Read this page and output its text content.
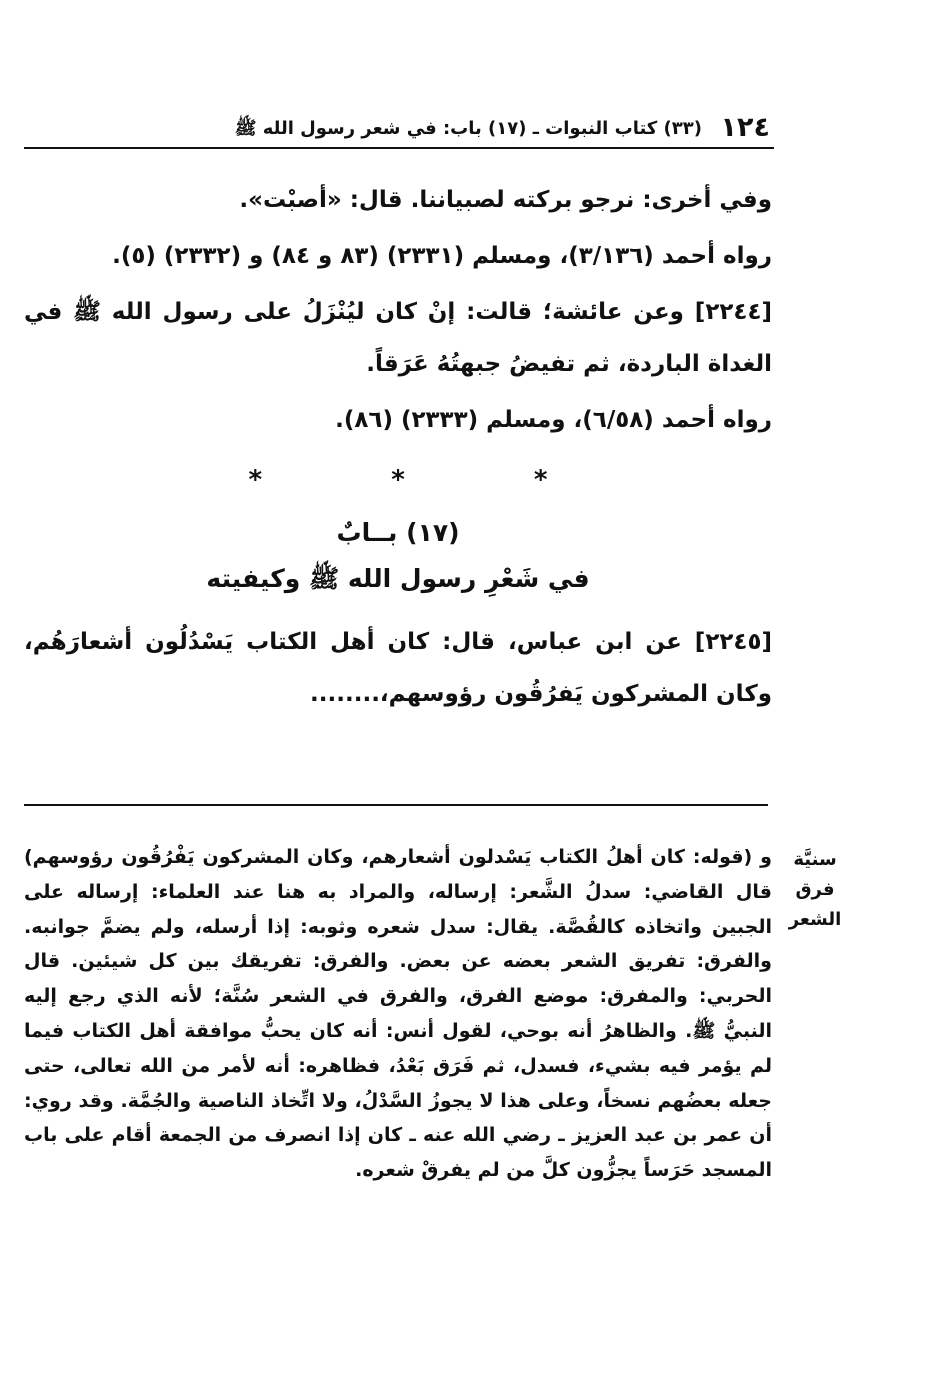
١٢٤
(٣٣) كتاب النبوات ـ (١٧) باب: في شعر رسول الله ﷺ

وفي أخرى: نرجو بركته لصبياننا. قال: «أصبْت».

رواه أحمد (٣/١٣٦)، ومسلم (٢٣٣١) (٨٣ و ٨٤) و (٢٣٣٢) (٥).

[٢٢٤٤] وعن عائشة؛ قالت: إنْ كان ليُنْزَلُ على رسول الله ﷺ في الغداة الباردة، ثم تفيضُ جبهتُهُ عَرَقاً.

رواه أحمد (٦/٥٨)، ومسلم (٢٣٣٣) (٨٦).

* * *

(١٧) بــابٌ

في شَعْرِ رسول الله ﷺ وكيفيته

[٢٢٤٥] عن ابن عباس، قال: كان أهل الكتاب يَسْدُلُون أشعارَهُم، وكان المشركون يَفرُقُون رؤوسهم،........

سنيَّة فرق الشعر

و (قوله: كان أهلُ الكتاب يَسْدلون أشعارهم، وكان المشركون يَفْرُقُون رؤوسهم) قال القاضي: سدلُ الشَّعر: إرساله، والمراد به هنا عند العلماء: إرساله على الجبين واتخاذه كالقُصَّة. يقال: سدل شعره وثوبه: إذا أرسله، ولم يضمَّ جوانبه. والفرق: تفريق الشعر بعضه عن بعض. والفرق: تفريقك بين كل شيئين. قال الحربي: والمفرق: موضع الفرق، والفرق في الشعر سُنَّة؛ لأنه الذي رجع إليه النبيُّ ﷺ. والظاهرُ أنه بوحي، لقول أنس: أنه كان يحبُّ موافقة أهل الكتاب فيما لم يؤمر فيه بشيء، فسدل، ثم فَرَق بَعْدُ، فظاهره: أنه لأمر من الله تعالى، حتى جعله بعضُهم نسخاً، وعلى هذا لا يجوزُ السَّدْلُ، ولا اتِّخاذ الناصية والجُمَّة. وقد روي: أن عمر بن عبد العزيز ـ رضي الله عنه ـ كان إذا انصرف من الجمعة أقام على باب المسجد حَرَساً يجزُّون كلَّ من لم يفرقْ شعره.
